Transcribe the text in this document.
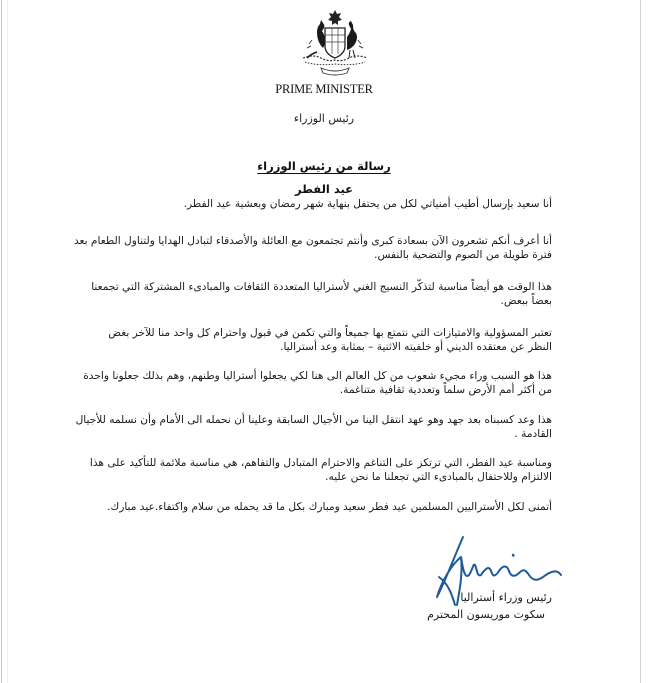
PRIME MINISTER
رئيس الوزراء
رسالة من رئيس الوزراء
عيد الفطر
أنا سعيد بإرسال أطيب أمنياتي لكل من يحتفل بنهاية شهر رمضان وبعشية عيد الفطر.
أنا أعرف أنكم تشعرون الآن بسعادة كبرى وأنتم تجتمعون مع العائلة والأصدقاء لتبادل الهدايا ولتناول الطعام بعد
فترة طويلة من الصوم والتضحية بالنفس.
هذا الوقت هو أيضاً مناسبة لتذكّر النسيج الغني لأستراليا المتعددة الثقافات والمبادىء المشتركة التي تجمعنا
بعضاً ببعض.
تعتبر المسؤولية والامتيازات التي نتمتع بها جميعاً والتي تكمن في قبول واحترام كل واحد منا للآخر بغض
النظر عن معتقده الديني أو خلفيته الاثنية – بمثابة وعد أستراليا.
هذا هو السبب وراء مجيء شعوب من كل العالم الى هنا لكي يجعلوا أستراليا وطنهم، وهم بذلك جعلونا واحدة
من أكثر أمم الأرض سلماً وتعددية ثقافية متناغمة.
هذا وعد كسبناه بعد جهد وهو عهد انتقل الينا من الأجيال السابقة وعلينا أن نحمله الى الأمام وأن نسلمه للأجيال
القادمة .
ومناسبة عيد الفطر، التي ترتكز على التناغم والاحترام المتبادل والتفاهم، هي مناسبة ملائمة للتأكيد على هذا
الالتزام وللاحتفال بالمبادىء التي تجعلنا ما نحن عليه.
أتمنى لكل الأستراليين المسلمين عيد فطر سعيد ومبارك بكل ما قد يحمله من سلام واكتفاء.عيد مبارك.
رئيس وزراء أستراليا
سكوت موريسون المحترم
